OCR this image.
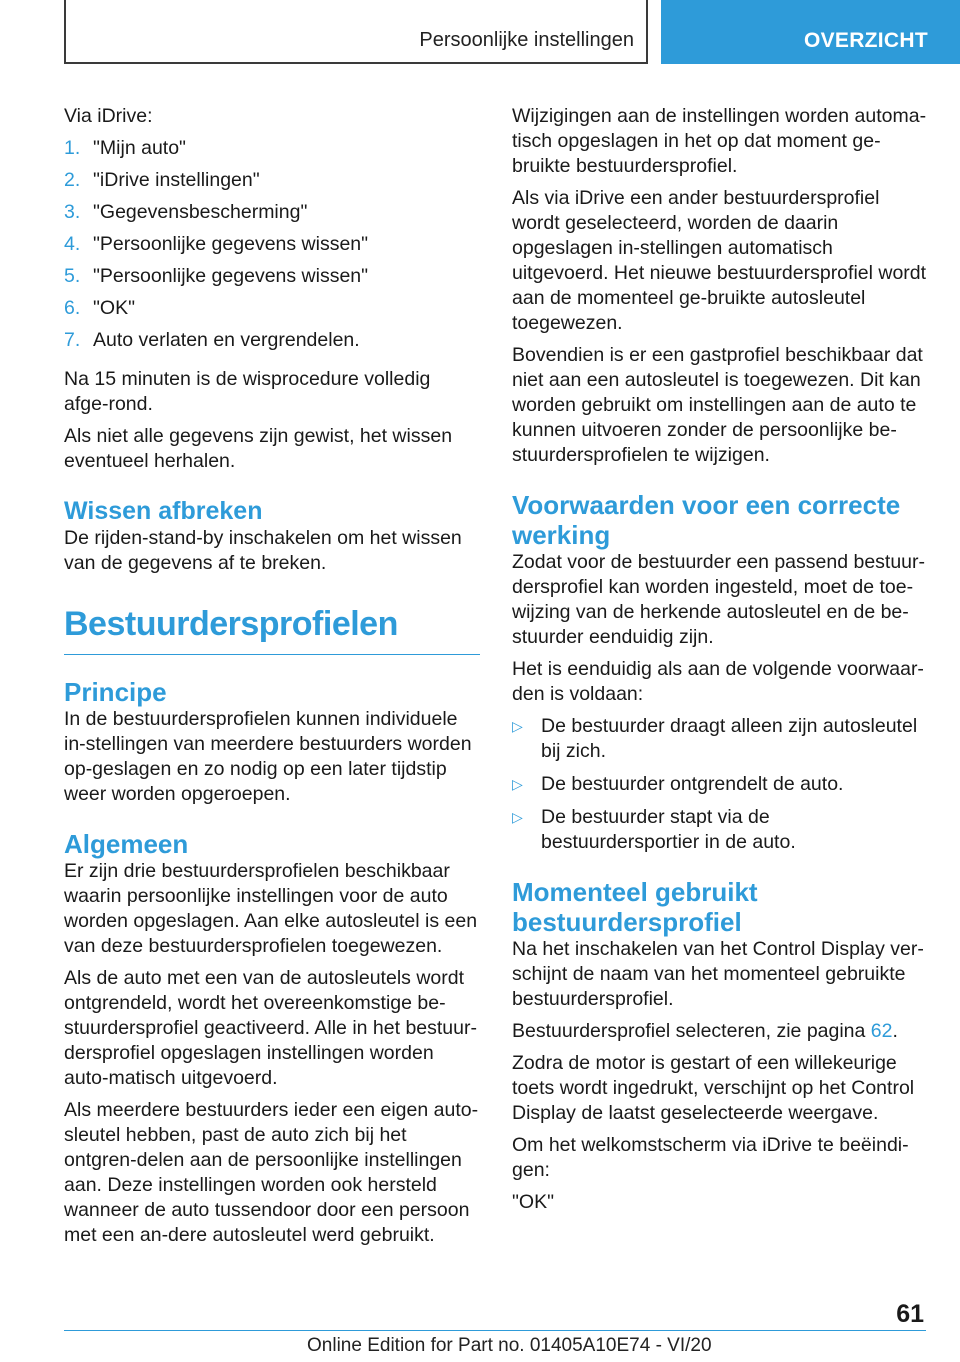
Persoonlijke instellingen	OVERZICHT

Via iDrive:

1. "Mijn auto"
2. "iDrive instellingen"
3. "Gegevensbescherming"
4. "Persoonlijke gegevens wissen"
5. "Persoonlijke gegevens wissen"
6. "OK"
7. Auto verlaten en vergrendelen.

Na 15 minuten is de wisprocedure volledig afge-rond.

Als niet alle gegevens zijn gewist, het wissen eventueel herhalen.

Wissen afbreken

De rijden-stand-by inschakelen om het wissen van de gegevens af te breken.

Bestuurdersprofielen
Principe

In de bestuurdersprofielen kunnen individuele in-stellingen van meerdere bestuurders worden op-geslagen en zo nodig op een later tijdstip weer worden opgeroepen.

Algemeen

Er zijn drie bestuurdersprofielen beschikbaar waarin persoonlijke instellingen voor de auto worden opgeslagen. Aan elke autosleutel is een van deze bestuurdersprofielen toegewezen.

Als de auto met een van de autosleutels wordt ontgrendeld, wordt het overeenkomstige be-stuurdersprofiel geactiveerd. Alle in het bestuur-dersprofiel opgeslagen instellingen worden auto-matisch uitgevoerd.

Als meerdere bestuurders ieder een eigen auto-sleutel hebben, past de auto zich bij het ontgren-delen aan de persoonlijke instellingen aan. Deze instellingen worden ook hersteld wanneer de auto tussendoor door een persoon met een an-dere autosleutel werd gebruikt.

Wijzigingen aan de instellingen worden automa-tisch opgeslagen in het op dat moment ge-bruikte bestuurdersprofiel.

Als via iDrive een ander bestuurdersprofiel wordt geselecteerd, worden de daarin opgeslagen in-stellingen automatisch uitgevoerd. Het nieuwe bestuurdersprofiel wordt aan de momenteel ge-bruikte autosleutel toegewezen.

Bovendien is er een gastprofiel beschikbaar dat niet aan een autosleutel is toegewezen. Dit kan worden gebruikt om instellingen aan de auto te kunnen uitvoeren zonder de persoonlijke be-stuurdersprofielen te wijzigen.

Voorwaarden voor een correcte werking

Zodat voor de bestuurder een passend bestuur-dersprofiel kan worden ingesteld, moet de toe-wijzing van de herkende autosleutel en de be-stuurder eenduidig zijn.

Het is eenduidig als aan de volgende voorwaar-den is voldaan:

▷ De bestuurder draagt alleen zijn autosleutel bij zich.
▷ De bestuurder ontgrendelt de auto.
▷ De bestuurder stapt via de bestuurdersportier in de auto.
Momenteel gebruikt bestuurdersprofiel

Na het inschakelen van het Control Display ver-schijnt de naam van het momenteel gebruikte bestuurdersprofiel.

Bestuurdersprofiel selecteren, zie pagina 62.

Zodra de motor is gestart of een willekeurige toets wordt ingedrukt, verschijnt op het Control Display de laatst geselecteerde weergave.

Om het welkomstscherm via iDrive te beëindi-gen:

"OK"

61
Online Edition for Part no. 01405A10E74 - VI/20
